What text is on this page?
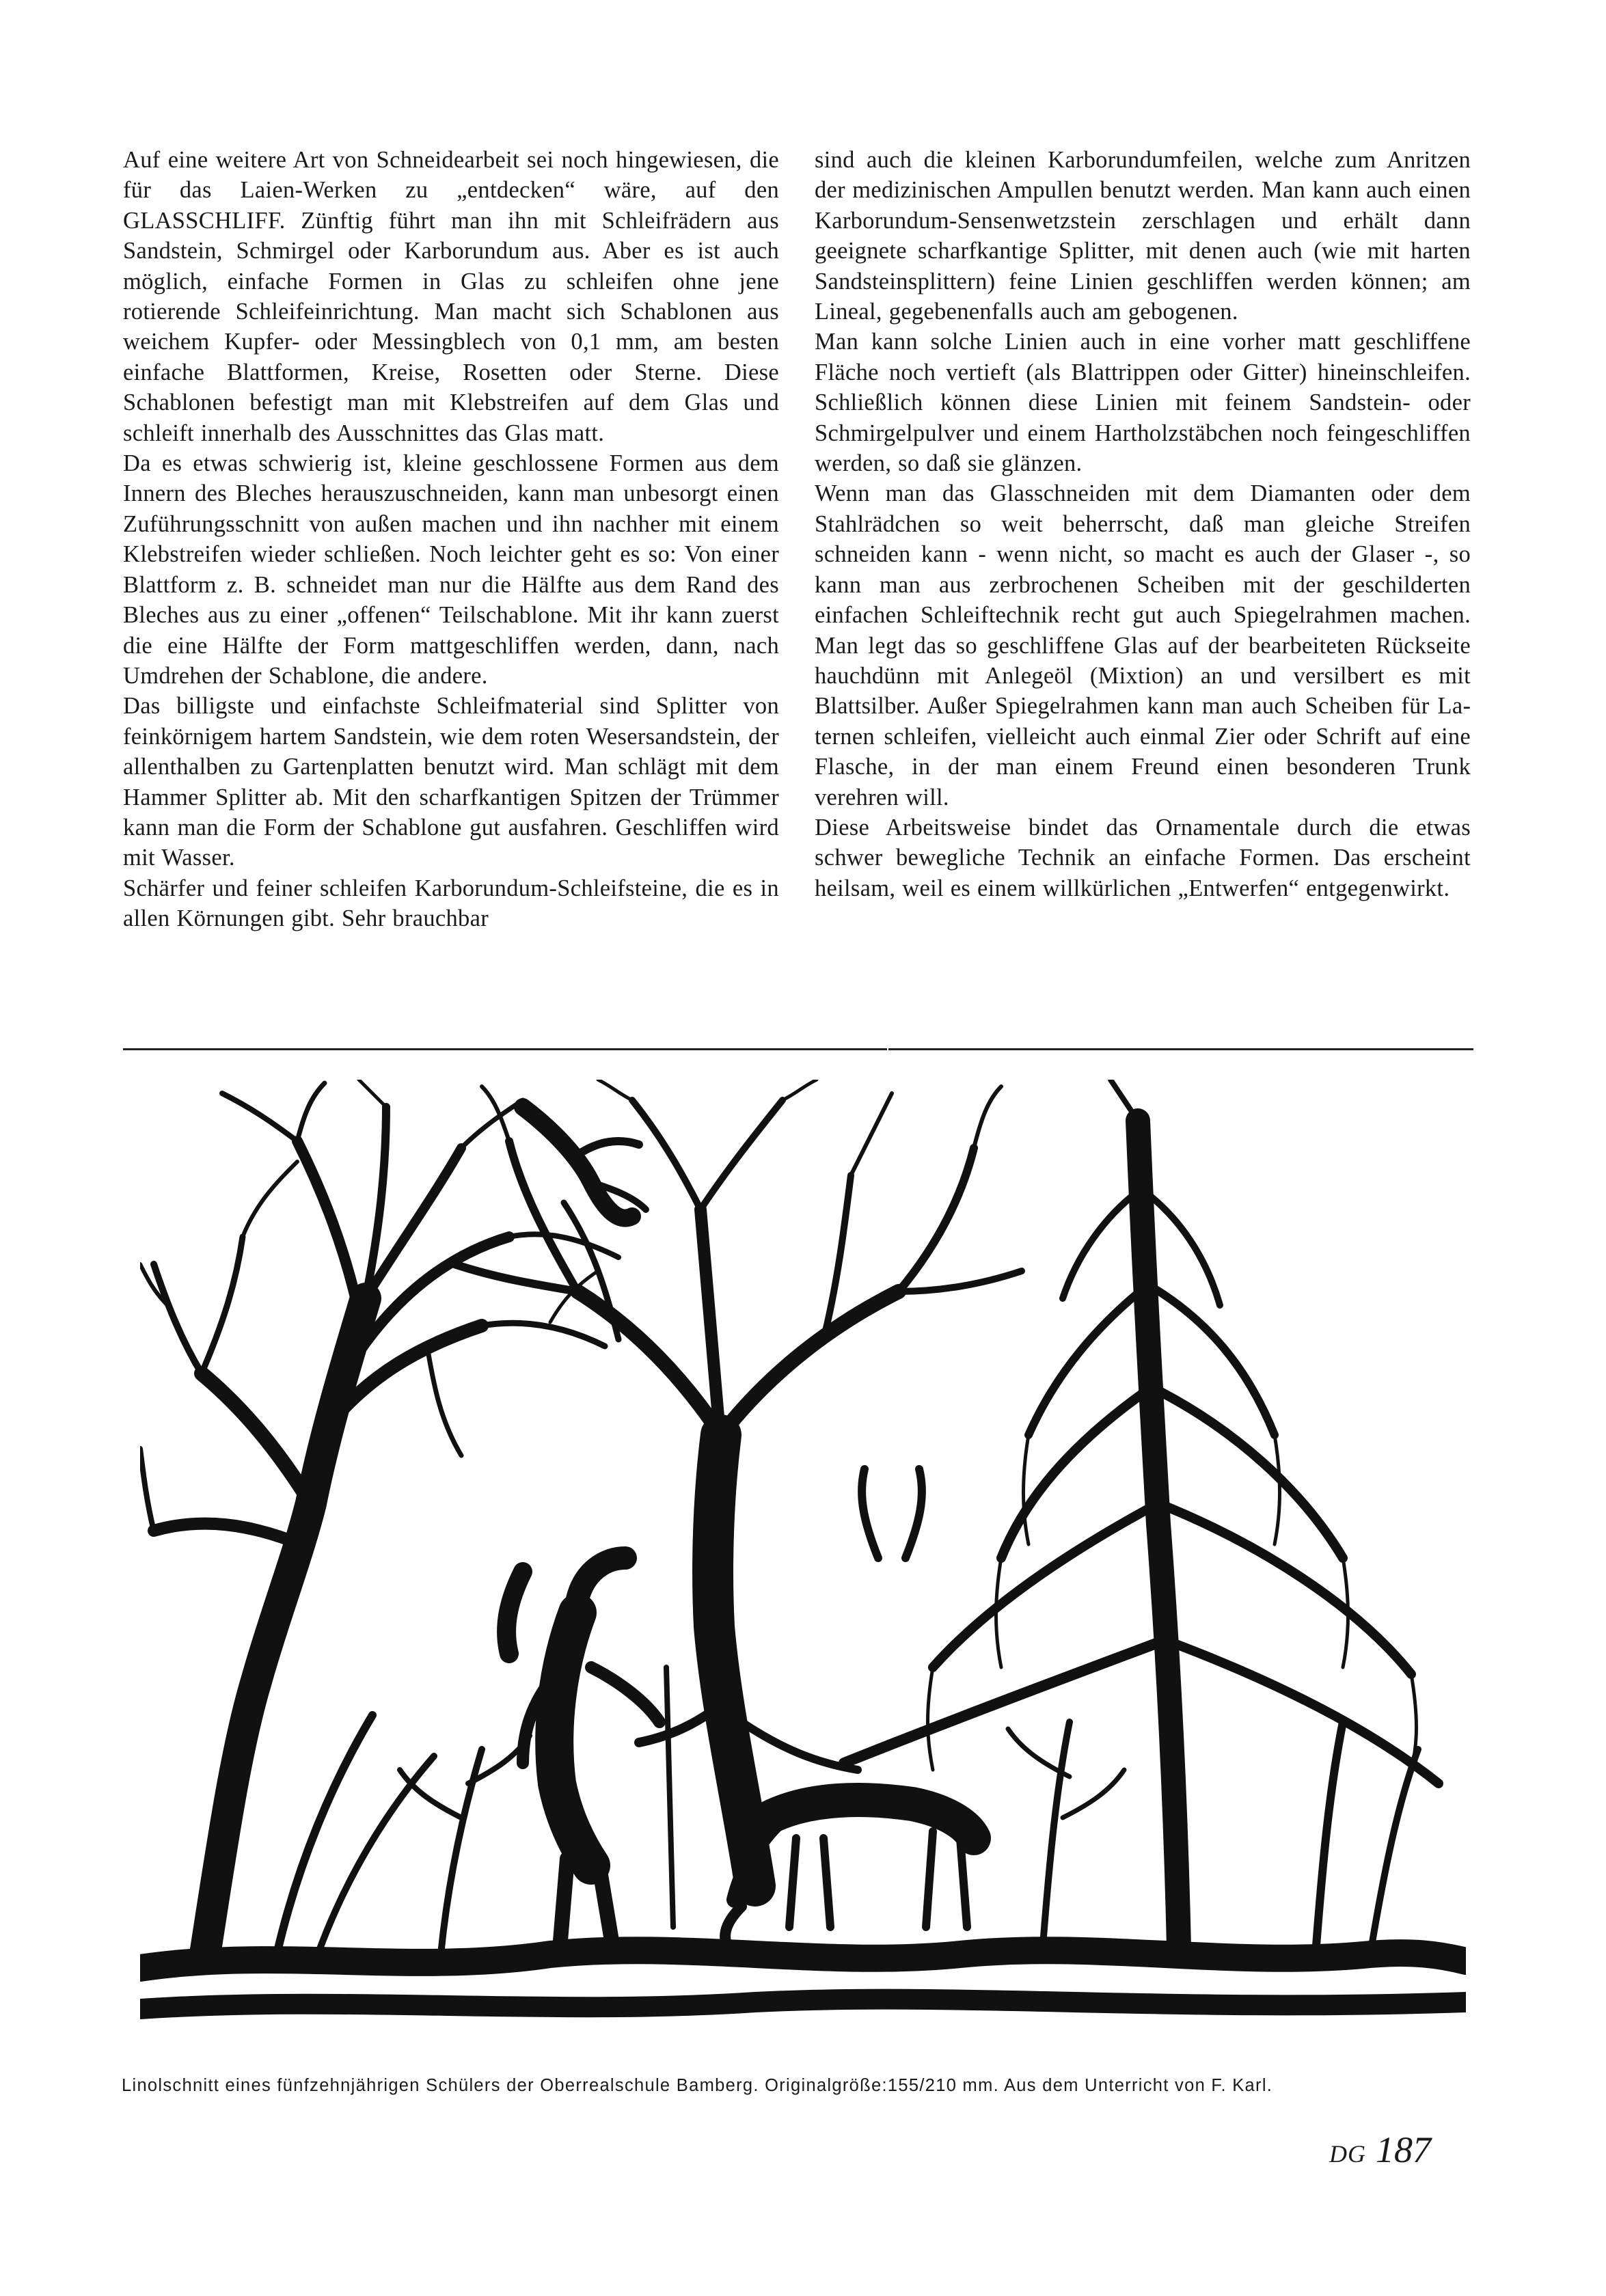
Auf eine weitere Art von Schneidearbeit sei noch hingewiesen, die für das Laien-Werken zu „entdecken“ wäre, auf den GLASSCHLIFF. Zünftig führt man ihn mit Schleifrädern aus Sandstein, Schmirgel oder Karborundum aus. Aber es ist auch möglich, einfache Formen in Glas zu schleifen ohne jene rotierende Schleifeinrichtung. Man macht sich Schablonen aus weichem Kupfer- oder Messingblech von 0,1 mm, am besten einfache Blattformen, Kreise, Rosetten oder Sterne. Diese Schablonen befestigt man mit Klebstreifen auf dem Glas und schleift innerhalb des Ausschnittes das Glas matt.

Da es etwas schwierig ist, kleine geschlossene Formen aus dem Innern des Bleches herauszuschneiden, kann man unbesorgt einen Zuführungsschnitt von außen machen und ihn nachher mit einem Klebstreifen wieder schließen. Noch leichter geht es so: Von einer Blattform z. B. schneidet man nur die Hälfte aus dem Rand des Bleches aus zu einer „offenen“ Teilschablone. Mit ihr kann zuerst die eine Hälfte der Form mattgeschliffen werden, dann, nach Umdrehen der Schablone, die andere.

Das billigste und einfachste Schleifmaterial sind Splitter von feinkörnigem hartem Sandstein, wie dem roten Wesersandstein, der allenthalben zu Gartenplatten benutzt wird. Man schlägt mit dem Hammer Splitter ab. Mit den scharfkantigen Spitzen der Trümmer kann man die Form der Schablone gut ausfahren. Geschliffen wird mit Wasser.

Schärfer und feiner schleifen Karborundum-Schleifsteine, die es in allen Körnungen gibt. Sehr brauchbar

sind auch die kleinen Karborundumfeilen, welche zum Anritzen der medizinischen Ampullen benutzt werden. Man kann auch einen Karborundum-Sensenwetzstein zerschlagen und erhält dann geeignete scharfkantige Splitter, mit denen auch (wie mit harten Sandsteinsplittern) feine Linien geschliffen werden können; am Lineal, gegebenenfalls auch am gebogenen.

Man kann solche Linien auch in eine vorher matt geschliffene Fläche noch vertieft (als Blattrippen oder Gitter) hineinschleifen. Schließlich können diese Linien mit feinem Sandstein- oder Schmirgelpulver und einem Hartholzstäbchen noch feingeschliffen werden, so daß sie glänzen.

Wenn man das Glasschneiden mit dem Diamanten oder dem Stahlrädchen so weit beherrscht, daß man gleiche Streifen schneiden kann - wenn nicht, so macht es auch der Glaser -, so kann man aus zerbrochenen Scheiben mit der geschilderten einfachen Schleiftechnik recht gut auch Spiegelrahmen machen. Man legt das so geschliffene Glas auf der bearbeiteten Rückseite hauchdünn mit Anlegeöl (Mixtion) an und versilbert es mit Blattsilber. Außer Spiegelrahmen kann man auch Scheiben für Laternen schleifen, vielleicht auch einmal Zier oder Schrift auf eine Flasche, in der man einem Freund einen besonderen Trunk verehren will.

Diese Arbeitsweise bindet das Ornamentale durch die etwas schwer bewegliche Technik an einfache Formen. Das erscheint heilsam, weil es einem willkürlichen „Entwerfen“ entgegenwirkt.

Linolschnitt eines fünfzehnjährigen Schülers der Oberrealschule Bamberg. Originalgröße:155/210 mm. Aus dem Unterricht von F. Karl.
DG 187
